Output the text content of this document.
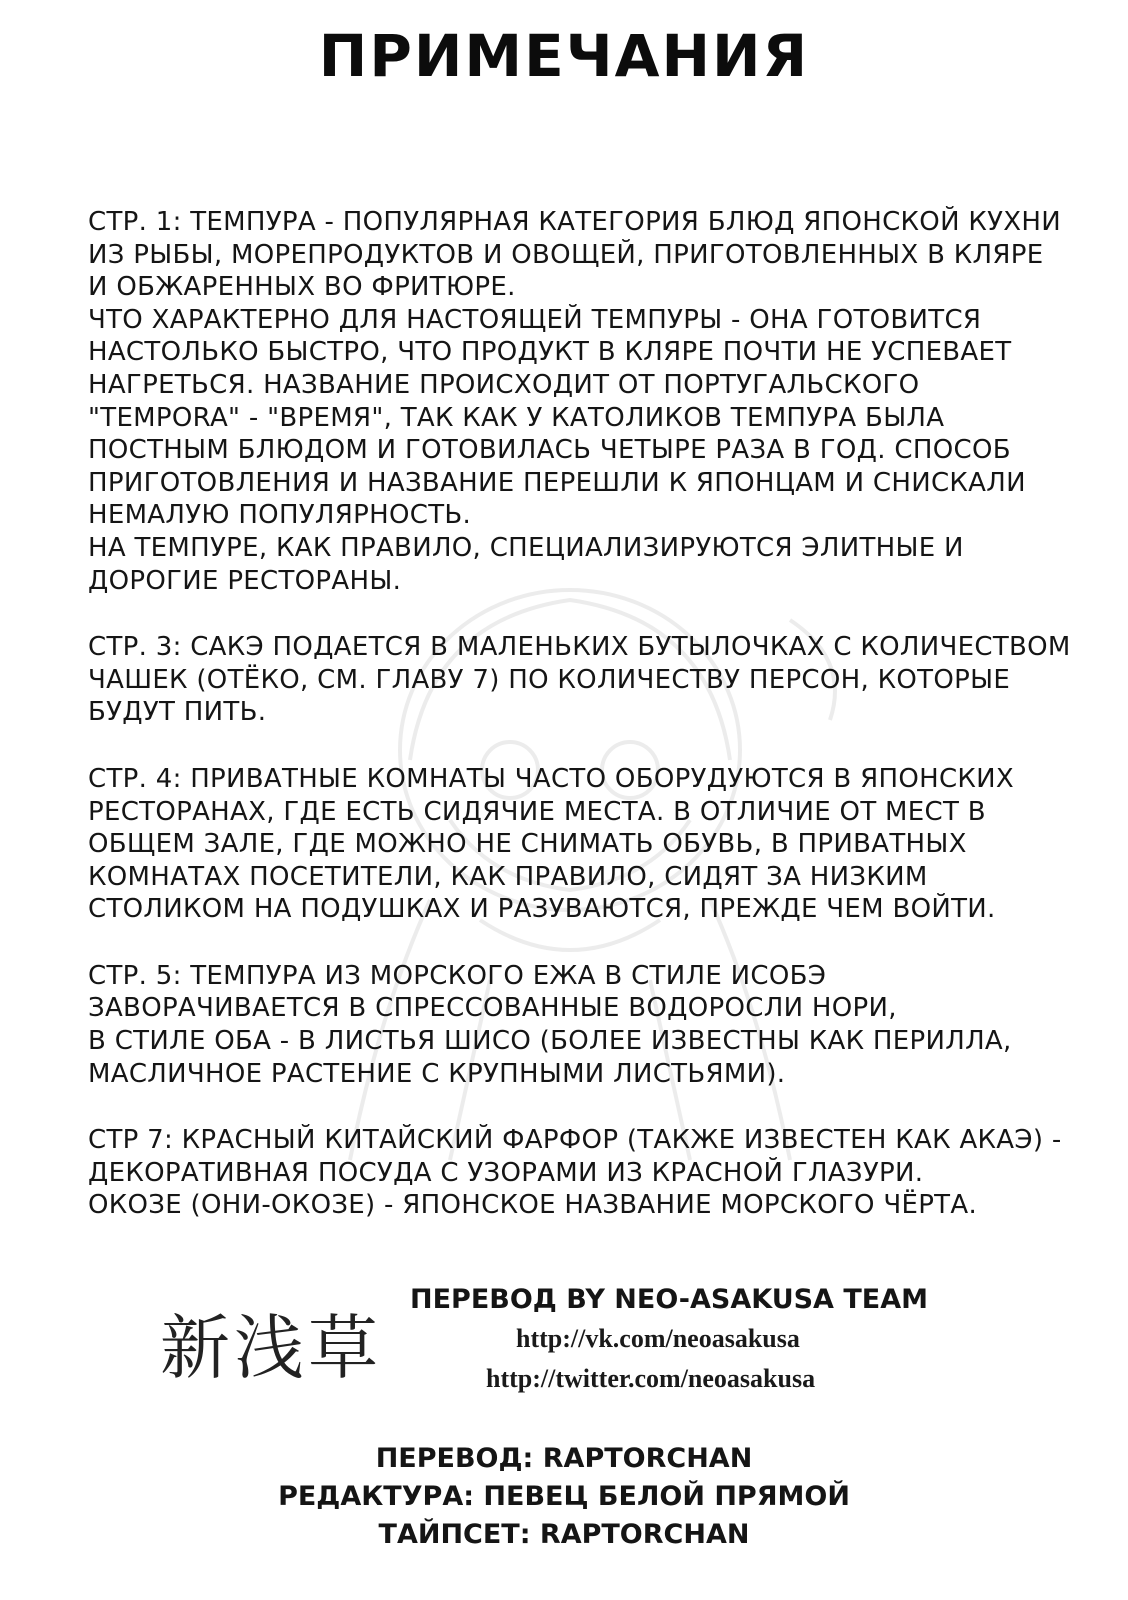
ПРИМЕЧАНИЯ
СТР. 1: ТЕМПУРА - ПОПУЛЯРНАЯ КАТЕГОРИЯ БЛЮД ЯПОНСКОЙ КУХНИ
ИЗ РЫБЫ, МОРЕПРОДУКТОВ И ОВОЩЕЙ, ПРИГОТОВЛЕННЫХ В КЛЯРЕ
И ОБЖАРЕННЫХ ВО ФРИТЮРЕ.
ЧТО ХАРАКТЕРНО ДЛЯ НАСТОЯЩЕЙ ТЕМПУРЫ - ОНА ГОТОВИТСЯ
НАСТОЛЬКО БЫСТРО, ЧТО ПРОДУКТ В КЛЯРЕ ПОЧТИ НЕ УСПЕВАЕТ
НАГРЕТЬСЯ. НАЗВАНИЕ ПРОИСХОДИТ ОТ ПОРТУГАЛЬСКОГО
"TEMPORA" - "ВРЕМЯ", ТАК КАК У КАТОЛИКОВ ТЕМПУРА БЫЛА
ПОСТНЫМ БЛЮДОМ И ГОТОВИЛАСЬ ЧЕТЫРЕ РАЗА В ГОД. СПОСОБ
ПРИГОТОВЛЕНИЯ И НАЗВАНИЕ ПЕРЕШЛИ К ЯПОНЦАМ И СНИСКАЛИ
НЕМАЛУЮ ПОПУЛЯРНОСТЬ.
НА ТЕМПУРЕ, КАК ПРАВИЛО, СПЕЦИАЛИЗИРУЮТСЯ ЭЛИТНЫЕ И
ДОРОГИЕ РЕСТОРАНЫ.
СТР. 3: САКЭ ПОДАЕТСЯ В МАЛЕНЬКИХ БУТЫЛОЧКАХ С КОЛИЧЕСТВОМ
ЧАШЕК (ОТЁКО, СМ. ГЛАВУ 7) ПО КОЛИЧЕСТВУ ПЕРСОН, КОТОРЫЕ
БУДУТ ПИТЬ.
СТР. 4: ПРИВАТНЫЕ КОМНАТЫ ЧАСТО ОБОРУДУЮТСЯ В ЯПОНСКИХ
РЕСТОРАНАХ, ГДЕ ЕСТЬ СИДЯЧИЕ МЕСТА. В ОТЛИЧИЕ ОТ МЕСТ В
ОБЩЕМ ЗАЛЕ, ГДЕ МОЖНО НЕ СНИМАТЬ ОБУВЬ, В ПРИВАТНЫХ
КОМНАТАХ ПОСЕТИТЕЛИ, КАК ПРАВИЛО, СИДЯТ ЗА НИЗКИМ
СТОЛИКОМ НА ПОДУШКАХ И РАЗУВАЮТСЯ, ПРЕЖДЕ ЧЕМ ВОЙТИ.
СТР. 5: ТЕМПУРА ИЗ МОРСКОГО ЕЖА В СТИЛЕ ИСОБЭ
ЗАВОРАЧИВАЕТСЯ В СПРЕССОВАННЫЕ ВОДОРОСЛИ НОРИ,
В СТИЛЕ ОБА - В ЛИСТЬЯ ШИСО (БОЛЕЕ ИЗВЕСТНЫ КАК ПЕРИЛЛА,
МАСЛИЧНОЕ РАСТЕНИЕ С КРУПНЫМИ ЛИСТЬЯМИ).
СТР 7: КРАСНЫЙ КИТАЙСКИЙ ФАРФОР (ТАКЖЕ ИЗВЕСТЕН КАК АКАЭ) -
ДЕКОРАТИВНАЯ ПОСУДА С УЗОРАМИ ИЗ КРАСНОЙ ГЛАЗУРИ.
ОКОЗЕ (ОНИ-ОКОЗЕ) - ЯПОНСКОЕ НАЗВАНИЕ МОРСКОГО ЧЁРТА.
新浅草
ПЕРЕВОД BY NEO-ASAKUSA TEAM
http://vk.com/neoasakusa
http://twitter.com/neoasakusa
ПЕРЕВОД: RAPTORCHAN
РЕДАКТУРА: ПЕВЕЦ БЕЛОЙ ПРЯМОЙ
ТАЙПСЕТ: RAPTORCHAN
